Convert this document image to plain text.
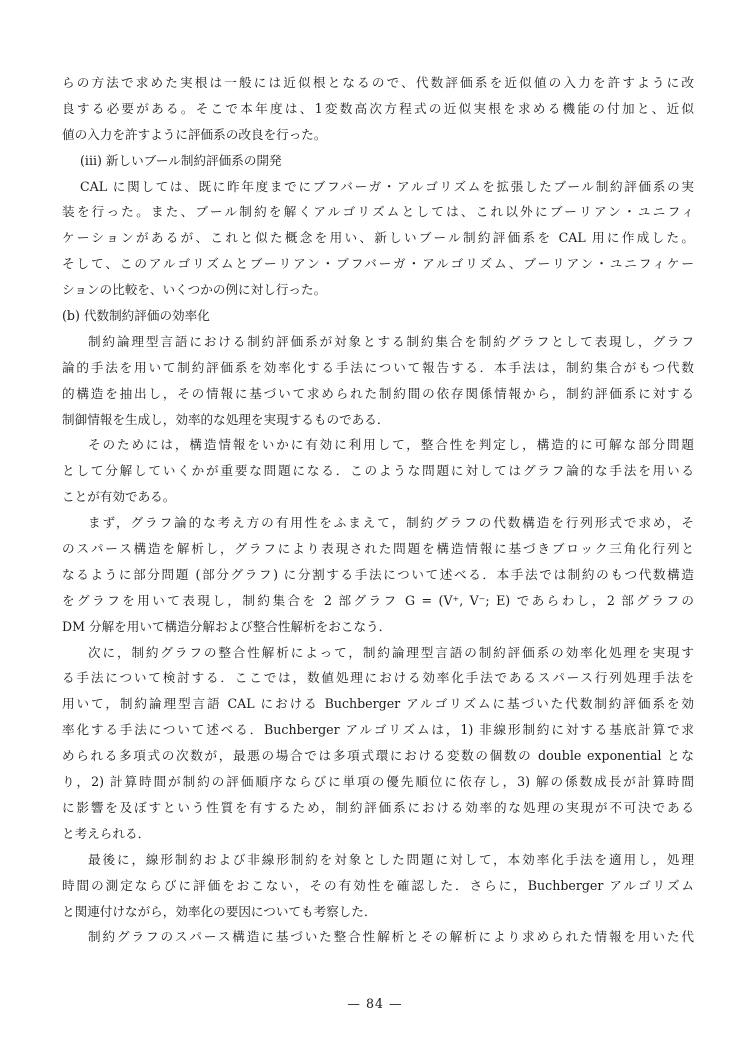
らの方法で求めた実根は一般には近似根となるので、代数評価系を近似値の入力を許すように改
良する必要がある。そこで本年度は、1変数高次方程式の近似実根を求める機能の付加と、近似
値の入力を許すように評価系の改良を行った。
(iii) 新しいブール制約評価系の開発
CAL に関しては、既に昨年度までにブフバーガ・アルゴリズムを拡張したブール制約評価系の実
装を行った。また、ブール制約を解くアルゴリズムとしては、これ以外にブーリアン・ユニフィ
ケーションがあるが、これと似た概念を用い、新しいブール制約評価系を CAL 用に作成した。
そして、このアルゴリズムとブーリアン・ブフバーガ・アルゴリズム、ブーリアン・ユニフィケー
ションの比較を、いくつかの例に対し行った。
(b) 代数制約評価の効率化
制約論理型言語における制約評価系が対象とする制約集合を制約グラフとして表現し，グラフ
論的手法を用いて制約評価系を効率化する手法について報告する．本手法は，制約集合がもつ代数
的構造を抽出し，その情報に基づいて求められた制約間の依存関係情報から，制約評価系に対する
制御情報を生成し，効率的な処理を実現するものである．
そのためには，構造情報をいかに有効に利用して，整合性を判定し，構造的に可解な部分問題
として分解していくかが重要な問題になる．このような問題に対してはグラフ論的な手法を用いる
ことが有効である。
まず，グラフ論的な考え方の有用性をふまえて，制約グラフの代数構造を行列形式で求め，そ
のスパース構造を解析し，グラフにより表現された問題を構造情報に基づきブロック三角化行列と
なるように部分問題 (部分グラフ) に分割する手法について述べる．本手法では制約のもつ代数構造
をグラフを用いて表現し，制約集合を 2 部グラフ G = (V⁺, V⁻; E) であらわし，2 部グラフの
DM 分解を用いて構造分解および整合性解析をおこなう．
次に，制約グラフの整合性解析によって，制約論理型言語の制約評価系の効率化処理を実現す
る手法について検討する．ここでは，数値処理における効率化手法であるスパース行列処理手法を
用いて，制約論理型言語 CAL における Buchberger アルゴリズムに基づいた代数制約評価系を効
率化する手法について述べる．Buchberger アルゴリズムは，1) 非線形制約に対する基底計算で求
められる多項式の次数が，最悪の場合では多項式環における変数の個数の double exponential とな
り，2) 計算時間が制約の評価順序ならびに単項の優先順位に依存し，3) 解の係数成長が計算時間
に影響を及ぼすという性質を有するため，制約評価系における効率的な処理の実現が不可決である
と考えられる．
最後に，線形制約および非線形制約を対象とした問題に対して，本効率化手法を適用し，処理
時間の測定ならびに評価をおこない，その有効性を確認した．さらに，Buchberger アルゴリズム
と関連付けながら，効率化の要因についても考察した．
制約グラフのスパース構造に基づいた整合性解析とその解析により求められた情報を用いた代
— 84 —
